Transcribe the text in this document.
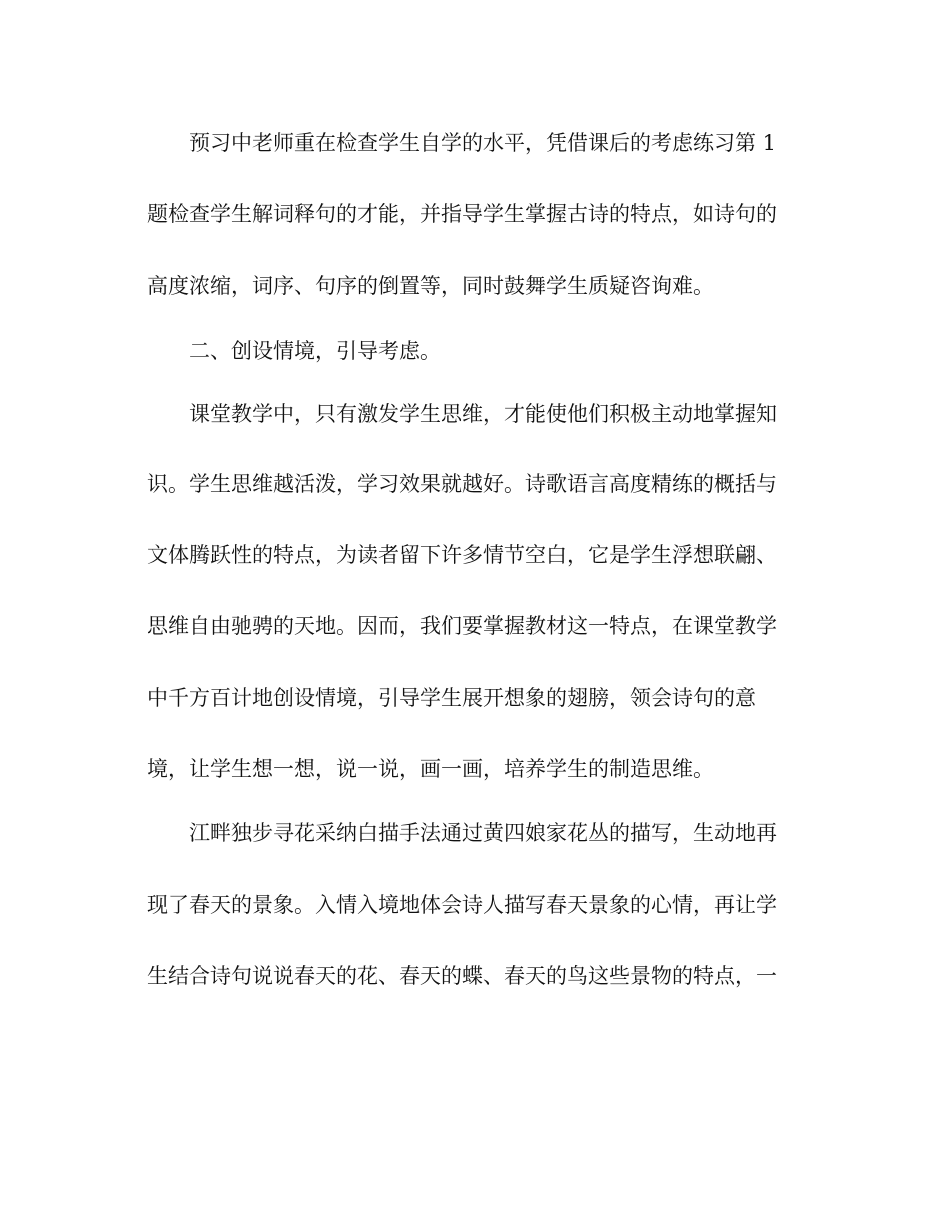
预习中老师重在检查学生自学的水平，凭借课后的考虑练习第 1

题检查学生解词释句的才能，并指导学生掌握古诗的特点，如诗句的

高度浓缩，词序、句序的倒置等，同时鼓舞学生质疑咨询难。

二、创设情境，引导考虑。

课堂教学中，只有激发学生思维，才能使他们积极主动地掌握知

识。学生思维越活泼，学习效果就越好。诗歌语言高度精练的概括与

文体腾跃性的特点，为读者留下许多情节空白，它是学生浮想联翩、

思维自由驰骋的天地。因而，我们要掌握教材这一特点，在课堂教学

中千方百计地创设情境，引导学生展开想象的翅膀，领会诗句的意

境，让学生想一想，说一说，画一画，培养学生的制造思维。

江畔独步寻花采纳白描手法通过黄四娘家花丛的描写，生动地再

现了春天的景象。入情入境地体会诗人描写春天景象的心情，再让学

生结合诗句说说春天的花、春天的蝶、春天的鸟这些景物的特点，一
